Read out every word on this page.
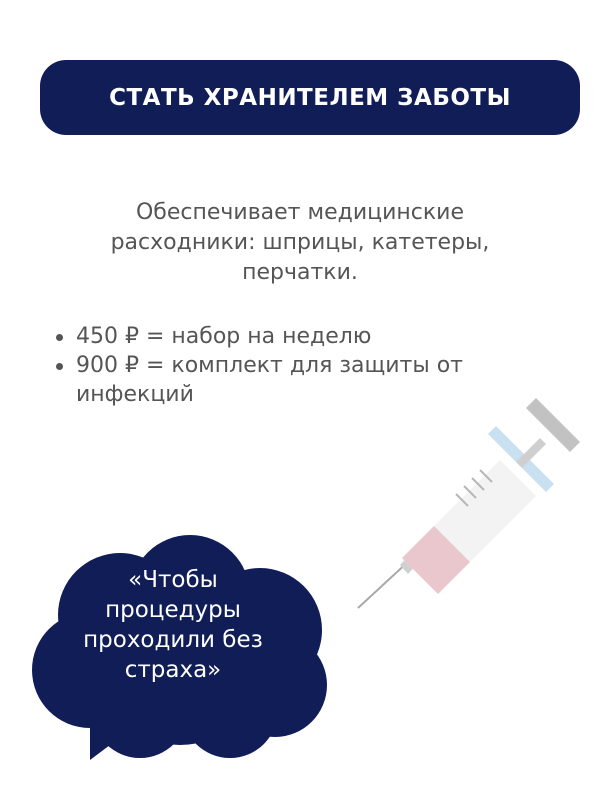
СТАТЬ ХРАНИТЕЛЕМ ЗАБОТЫ
Обеспечивает медицинские
расходники: шприцы, катетеры,
перчатки.
450 ₽ = набор на неделю
900 ₽ = комплект для защиты от
инфекций
«Чтобы
процедуры
проходили без
страха»
